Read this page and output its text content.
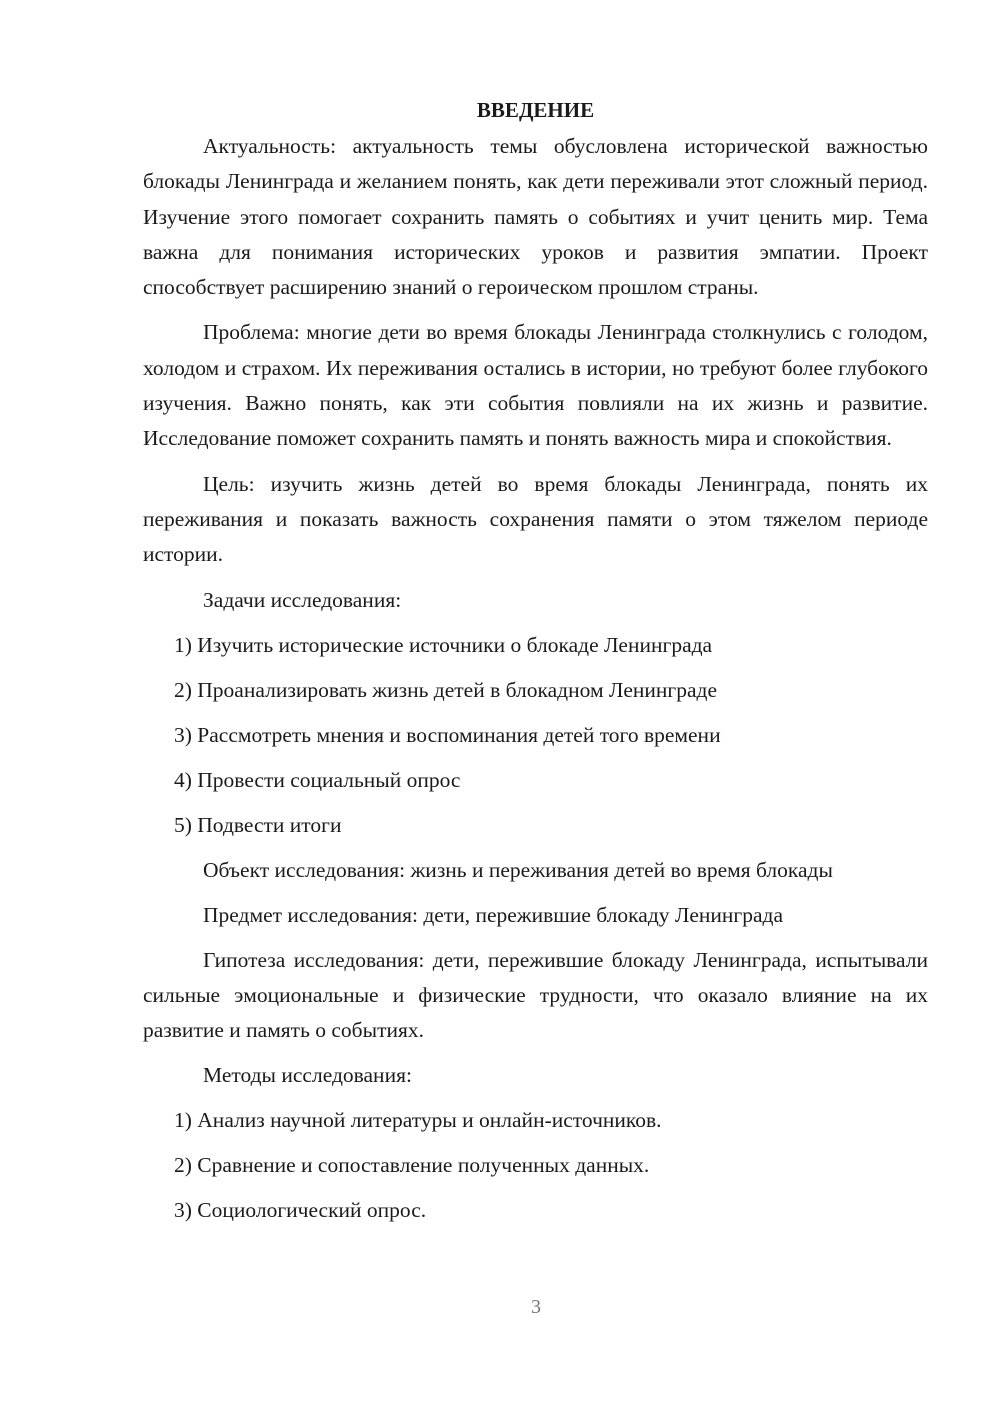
ВВЕДЕНИЕ

Актуальность: актуальность темы обусловлена исторической важностью блокады Ленинграда и желанием понять, как дети переживали этот сложный период. Изучение этого помогает сохранить память о событиях и учит ценить мир. Тема важна для понимания исторических уроков и развития эмпатии. Проект способствует расширению знаний о героическом прошлом страны.

Проблема: многие дети во время блокады Ленинграда столкнулись с голодом, холодом и страхом. Их переживания остались в истории, но требуют более глубокого изучения. Важно понять, как эти события повлияли на их жизнь и развитие. Исследование поможет сохранить память и понять важность мира и спокойствия.

Цель: изучить жизнь детей во время блокады Ленинграда, понять их переживания и показать важность сохранения памяти о этом тяжелом периоде истории.

Задачи исследования:

1) Изучить исторические источники о блокаде Ленинграда

2) Проанализировать жизнь детей в блокадном Ленинграде

3) Рассмотреть мнения и воспоминания детей того времени

4) Провести социальный опрос

5) Подвести итоги

Объект исследования: жизнь и переживания детей во время блокады

Предмет исследования: дети, пережившие блокаду Ленинграда

Гипотеза исследования: дети, пережившие блокаду Ленинграда, испытывали сильные эмоциональные и физические трудности, что оказало влияние на их развитие и память о событиях.

Методы исследования:

1) Анализ научной литературы и онлайн-источников.

2) Сравнение и сопоставление полученных данных.

3) Социологический опрос.

3
